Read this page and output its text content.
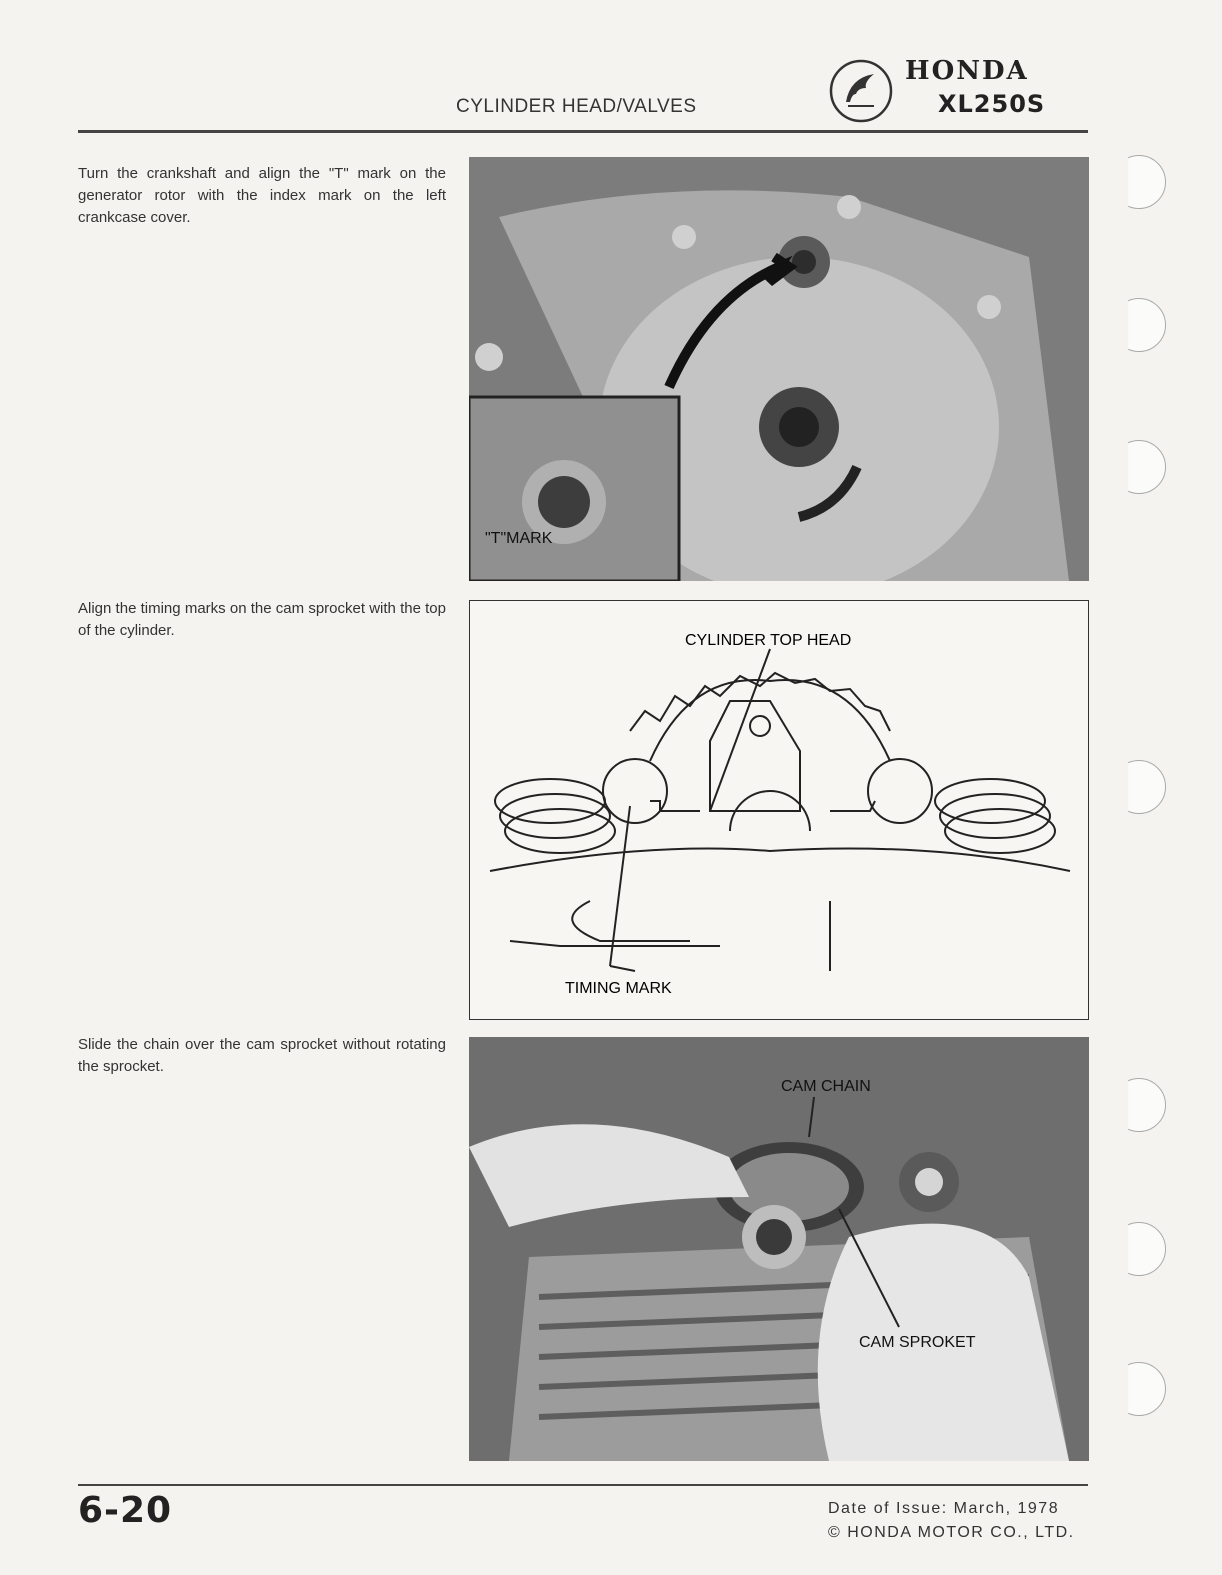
CYLINDER HEAD/VALVES
HONDA
XL250S
Turn the crankshaft and align the "T" mark on the generator rotor with the index mark on the left crankcase cover.
"T"MARK
Align the timing marks on the cam sprocket with the top of the cylinder.
CYLINDER TOP HEAD
TIMING MARK
Slide the chain over the cam sprocket without rotating the sprocket.
CAM CHAIN
CAM SPROKET
6-20	Date of Issue: March, 1978
© HONDA MOTOR CO., LTD.
